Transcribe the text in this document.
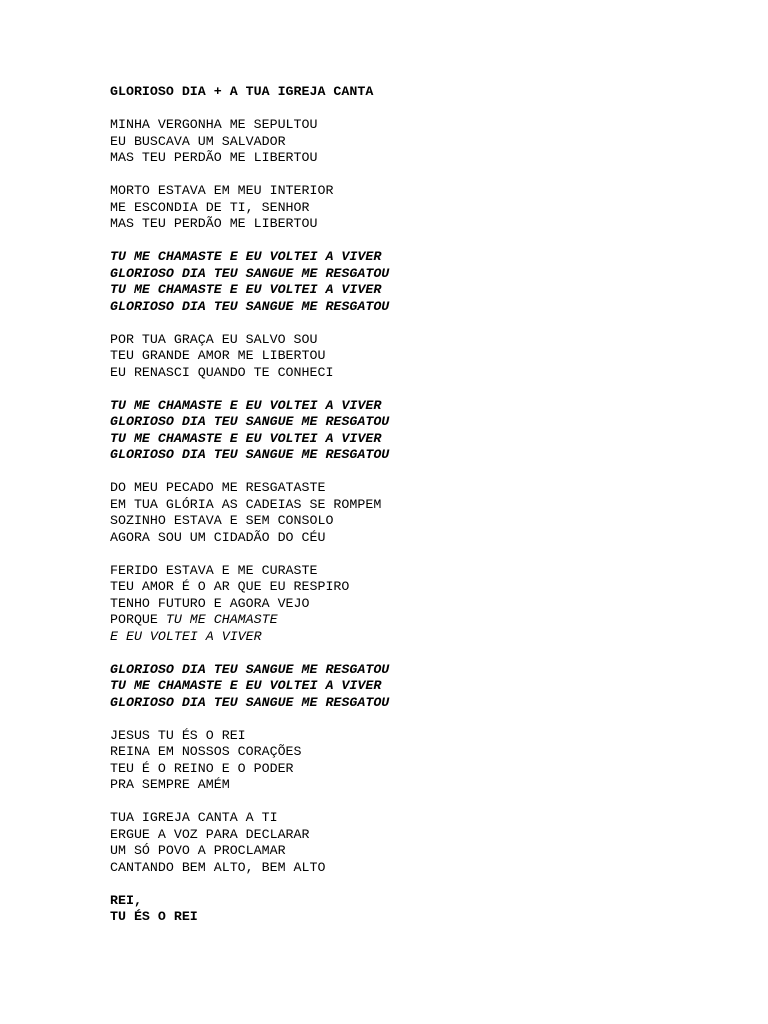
GLORIOSO DIA + A TUA IGREJA CANTA
MINHA VERGONHA ME SEPULTOU
EU BUSCAVA UM SALVADOR
MAS TEU PERDÃO ME LIBERTOU
MORTO ESTAVA EM MEU INTERIOR
ME ESCONDIA DE TI, SENHOR
MAS TEU PERDÃO ME LIBERTOU
TU ME CHAMASTE E EU VOLTEI A VIVER
GLORIOSO DIA TEU SANGUE ME RESGATOU
TU ME CHAMASTE E EU VOLTEI A VIVER
GLORIOSO DIA TEU SANGUE ME RESGATOU
POR TUA GRAÇA EU SALVO SOU
TEU GRANDE AMOR ME LIBERTOU
EU RENASCI QUANDO TE CONHECI
TU ME CHAMASTE E EU VOLTEI A VIVER
GLORIOSO DIA TEU SANGUE ME RESGATOU
TU ME CHAMASTE E EU VOLTEI A VIVER
GLORIOSO DIA TEU SANGUE ME RESGATOU
DO MEU PECADO ME RESGATASTE
EM TUA GLÓRIA AS CADEIAS SE ROMPEM
SOZINHO ESTAVA E SEM CONSOLO
AGORA SOU UM CIDADÃO DO CÉU
FERIDO ESTAVA E ME CURASTE
TEU AMOR É O AR QUE EU RESPIRO
TENHO FUTURO E AGORA VEJO
PORQUE TU ME CHAMASTE
E EU VOLTEI A VIVER
GLORIOSO DIA TEU SANGUE ME RESGATOU
TU ME CHAMASTE E EU VOLTEI A VIVER
GLORIOSO DIA TEU SANGUE ME RESGATOU
JESUS TU ÉS O REI
REINA EM NOSSOS CORAÇÕES
TEU É O REINO E O PODER
PRA SEMPRE AMÉM
TUA IGREJA CANTA A TI
ERGUE A VOZ PARA DECLARAR
UM SÓ POVO A PROCLAMAR
CANTANDO BEM ALTO, BEM ALTO
REI,
TU ÉS O REI
